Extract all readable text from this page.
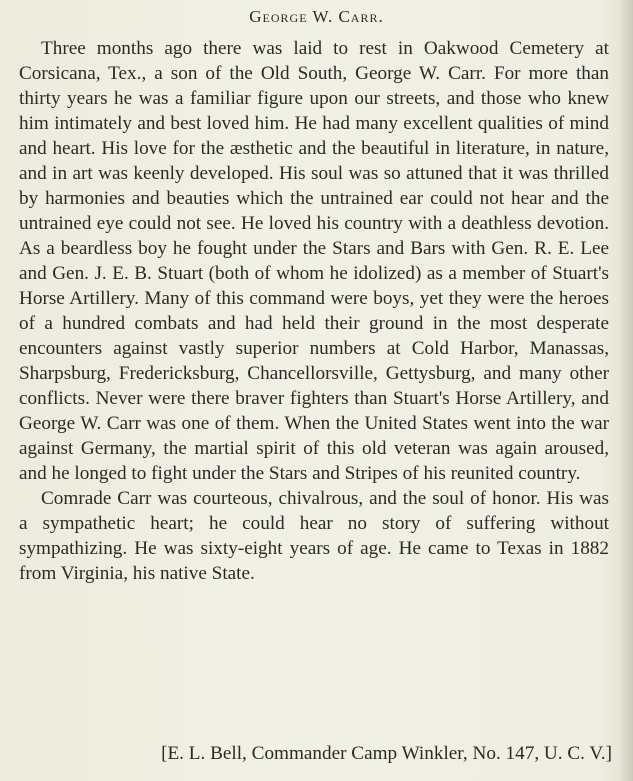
George W. Carr.

Three months ago there was laid to rest in Oakwood Cemetery at Corsicana, Tex., a son of the Old South, George W. Carr. For more than thirty years he was a familiar figure upon our streets, and those who knew him intimately and best loved him. He had many excellent qualities of mind and heart. His love for the æsthetic and the beautiful in literature, in nature, and in art was keenly developed. His soul was so attuned that it was thrilled by harmonies and beauties which the untrained ear could not hear and the untrained eye could not see. He loved his country with a deathless devotion. As a beardless boy he fought under the Stars and Bars with Gen. R. E. Lee and Gen. J. E. B. Stuart (both of whom he idolized) as a member of Stuart's Horse Artillery. Many of this command were boys, yet they were the heroes of a hundred combats and had held their ground in the most desperate encounters against vastly superior numbers at Cold Harbor, Manassas, Sharpsburg, Fredericksburg, Chancellorsville, Gettysburg, and many other conflicts. Never were there braver fighters than Stuart's Horse Artillery, and George W. Carr was one of them. When the United States went into the war against Germany, the martial spirit of this old veteran was again aroused, and he longed to fight under the Stars and Stripes of his reunited country.

Comrade Carr was courteous, chivalrous, and the soul of honor. His was a sympathetic heart; he could hear no story of suffering without sympathizing. He was sixty-eight years of age. He came to Texas in 1882 from Virginia, his native State.

[E. L. Bell, Commander Camp Winkler, No. 147, U. C. V.]
